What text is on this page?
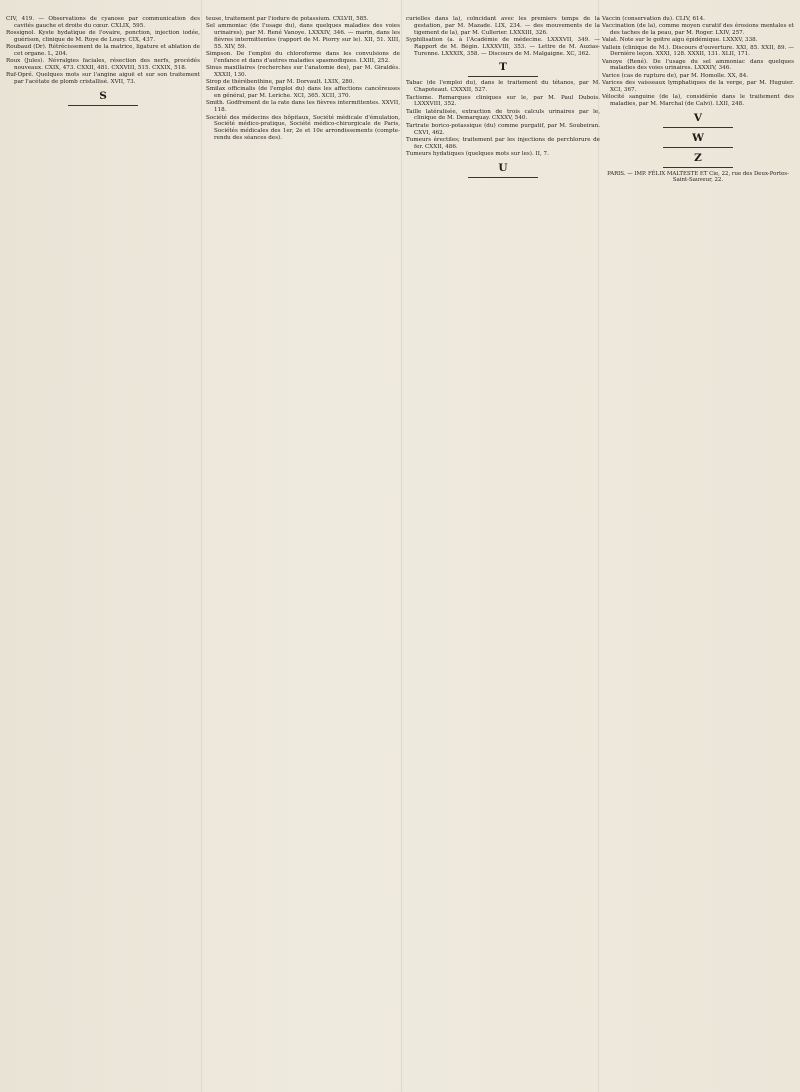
CIV, 419. — Observations de cyanose par communication des cavités gauche et droite du cœur. CXLIX, 595.

Rossignol. Kyste hydatique de l'ovaire, ponction, injection iodée, guérison, clinique de M. Roye de Loury. CIX, 437.

Roubaud (Dr). Rétrécissement de la matrice, ligature et ablation de cet organe. L, 204.

Roux (Jules). Névralgies faciales, résection des nerfs, procédés nouveaux. CXIX, 473. CXXII, 481. CXXVIII, 515. CXXIX, 518.

Ruf-Opré. Quelques mots sur l'angine aiguë et sur son traitement par l'acétate de plomb cristallisé. XVII, 73.

S

teuse, traitement par l'iodure de potassium. CXLVII, 585.

Sel ammoniac (de l'usage du), dans quelques maladies des voies urinaires), par M. René Vanoye. LXXXIV, 346. — marin, dans les fièvres intermittentes (rapport de M. Piorry sur le). XII, 51. XIII, 55. XIV, 59.

Simpson. De l'emploi du chloroforme dans les convulsions de l'enfance et dans d'autres maladies spasmodiques. LXIII, 252.

Sinus maxillaires (recherches sur l'anatomie des), par M. Giraldès. XXXII, 130.

Sirop de thérébenthine, par M. Dorvault. LXIX, 280.

Smilax officinalis (de l'emploi du) dans les affections cancéreuses en général, par M. Leriche. XCI, 365. XCII, 370.

Smith. Godfrement de la rate dans les fièvres intermittentes. XXVII, 118.

Société des médecins des hôpitaux, Société médicale d'émulation, Société médico-pratique, Société médico-chirurgicale de Paris, Sociétés médicales des 1er, 2e et 10e arrondissements (compte-rendu des séances des).

curielles dans la), coïncidant avec les premiers temps de la gestation, par M. Mazade. LIX, 234. — des mouvements de la tigement de la), par M. Cullerier. LXXXIII, 326.

Syphilisation (a. à l'Académie de médecine. LXXXVII, 349. — Rapport de M. Bégin. LXXXVIII, 353. — Lettre de M. Auzias-Turenne. LXXXIX, 358. — Discours de M. Malgaigne. XC, 362.

T

Tabac (de l'emploi du), dans le traitement du tétanos, par M. Chapoteaut. CXXXII, 527.

Tactisme. Remarques cliniques sur le, par M. Paul Dubois. LXXXVIII, 352.

Taille latéralisée, extraction de trois calculs urinaires par le, clinique de M. Demarquay. CXXXV, 540.

Tartrate borico-potassique (du) comme purgatif, par M. Soubeiran. CXVI, 462.

Tumeurs érectiles; traitement par les injections de perchlorure de fer. CXXII, 486.

Tumeurs hydatiques (quelques mots sur les). II, 7.

U

Vaccin (conservation du). CLIV, 614.

Vaccination (de la), comme moyen curatif des érosions mentales et des taches de la peau, par M. Roger. LXIV, 257.

Valat. Note sur le goitre aigu épidémique. LXXXV, 338.

Valleix (clinique de M.). Discours d'ouverture. XXI, 85. XXII, 89. — Dernière leçon. XXXI, 128. XXXII, 131. XLII, 171.

Vanoye (René). De l'usage du sel ammoniac dans quelques maladies des voies urinaires. LXXXIV, 346.

Varice (cas de rupture de), par M. Homolle. XX, 84.

Varices des vaisseaux lymphatiques de la verge, par M. Huguier. XCI, 367.

Vélocité sanguine (de la), considérée dans le traitement des maladies, par M. Marchal (de Calvi). LXII, 248.

V
W
Z
PARIS. — IMP. FÉLIX MALTESTE ET Cie, 22, rue des Deux-Portes-Saint-Sauveur, 22.
